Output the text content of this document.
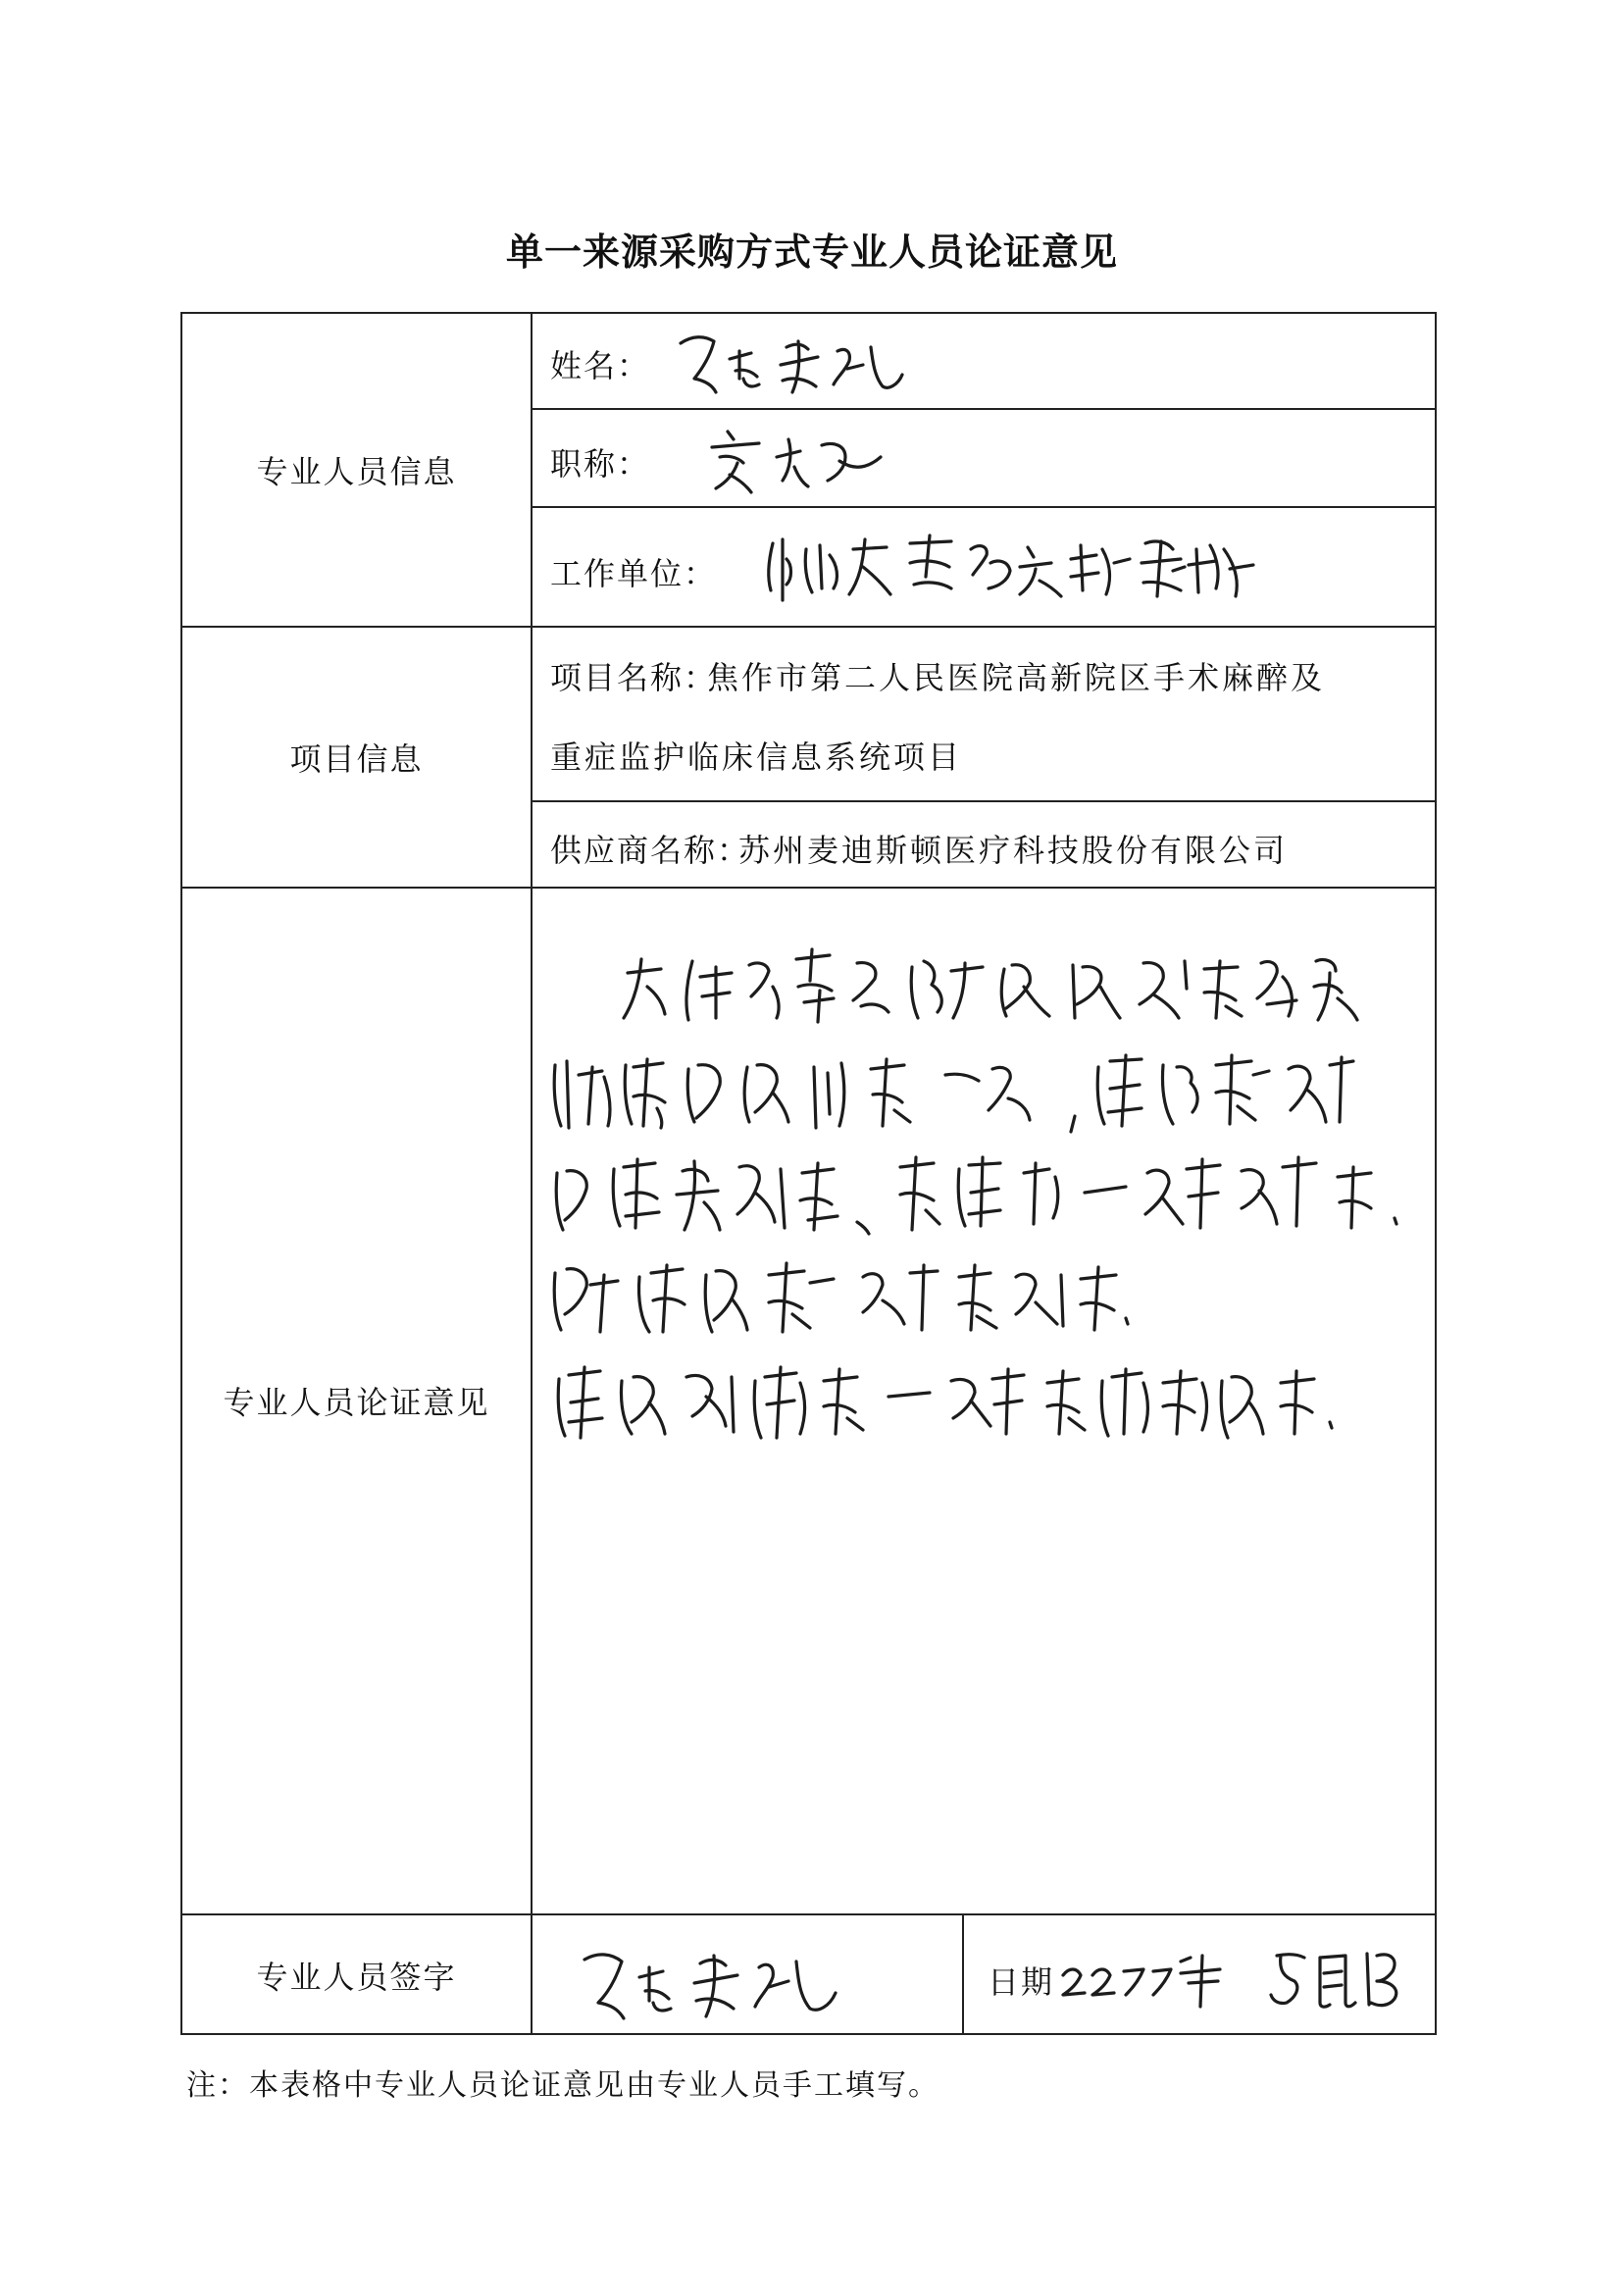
单一来源采购方式专业人员论证意见
专业人员信息
姓名：
职称：
工作单位：
项目信息
项目名称：
焦作市第二人民医院高新院区手术麻醉及
重症监护临床信息系统项目
供应商名称：
苏州麦迪斯顿医疗科技股份有限公司
专业人员论证意见
专业人员签字	日期
注：本表格中专业人员论证意见由专业人员手工填写。
